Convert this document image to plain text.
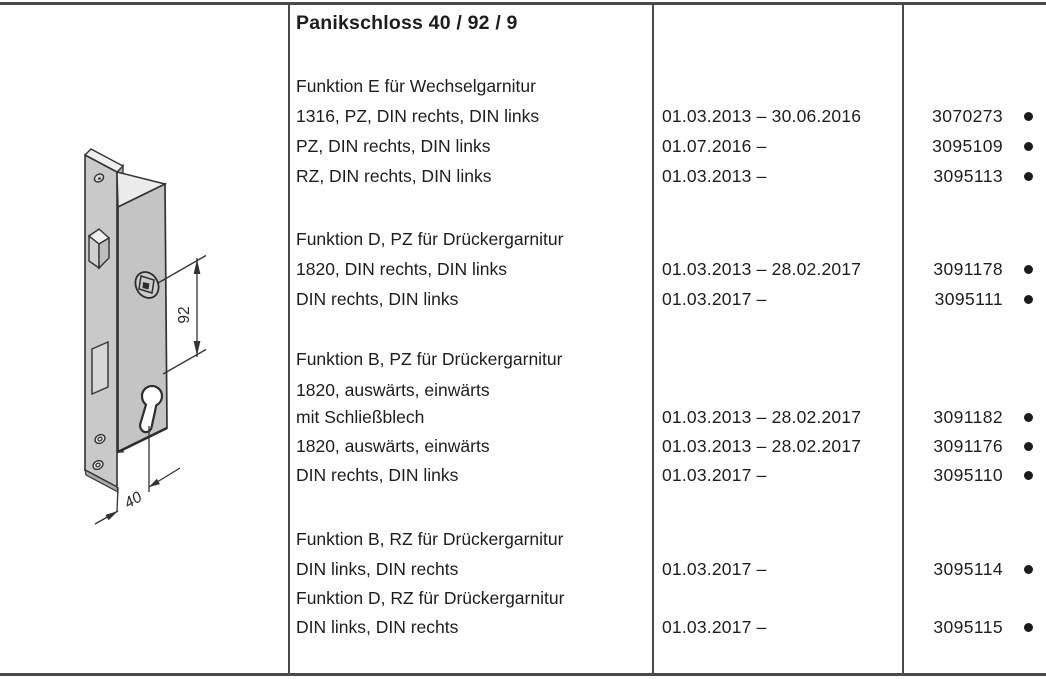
92
40
Panikschloss 40 / 92 / 9
Funktion E für Wechselgarnitur
1316, PZ, DIN rechts, DIN links	01.03.2013 – 30.06.2016	3070273
PZ, DIN rechts, DIN links	01.07.2016 –	3095109
RZ, DIN rechts, DIN links	01.03.2013 –	3095113
Funktion D, PZ für Drückergarnitur
1820, DIN rechts, DIN links	01.03.2013 – 28.02.2017	3091178
DIN rechts, DIN links	01.03.2017 –	3095111
Funktion B, PZ für Drückergarnitur
1820, auswärts, einwärts
mit Schließblech	01.03.2013 – 28.02.2017	3091182
1820, auswärts, einwärts	01.03.2013 – 28.02.2017	3091176
DIN rechts, DIN links	01.03.2017 –	3095110
Funktion B, RZ für Drückergarnitur
DIN links, DIN rechts	01.03.2017 –	3095114
Funktion D, RZ für Drückergarnitur
DIN links, DIN rechts	01.03.2017 –	3095115
